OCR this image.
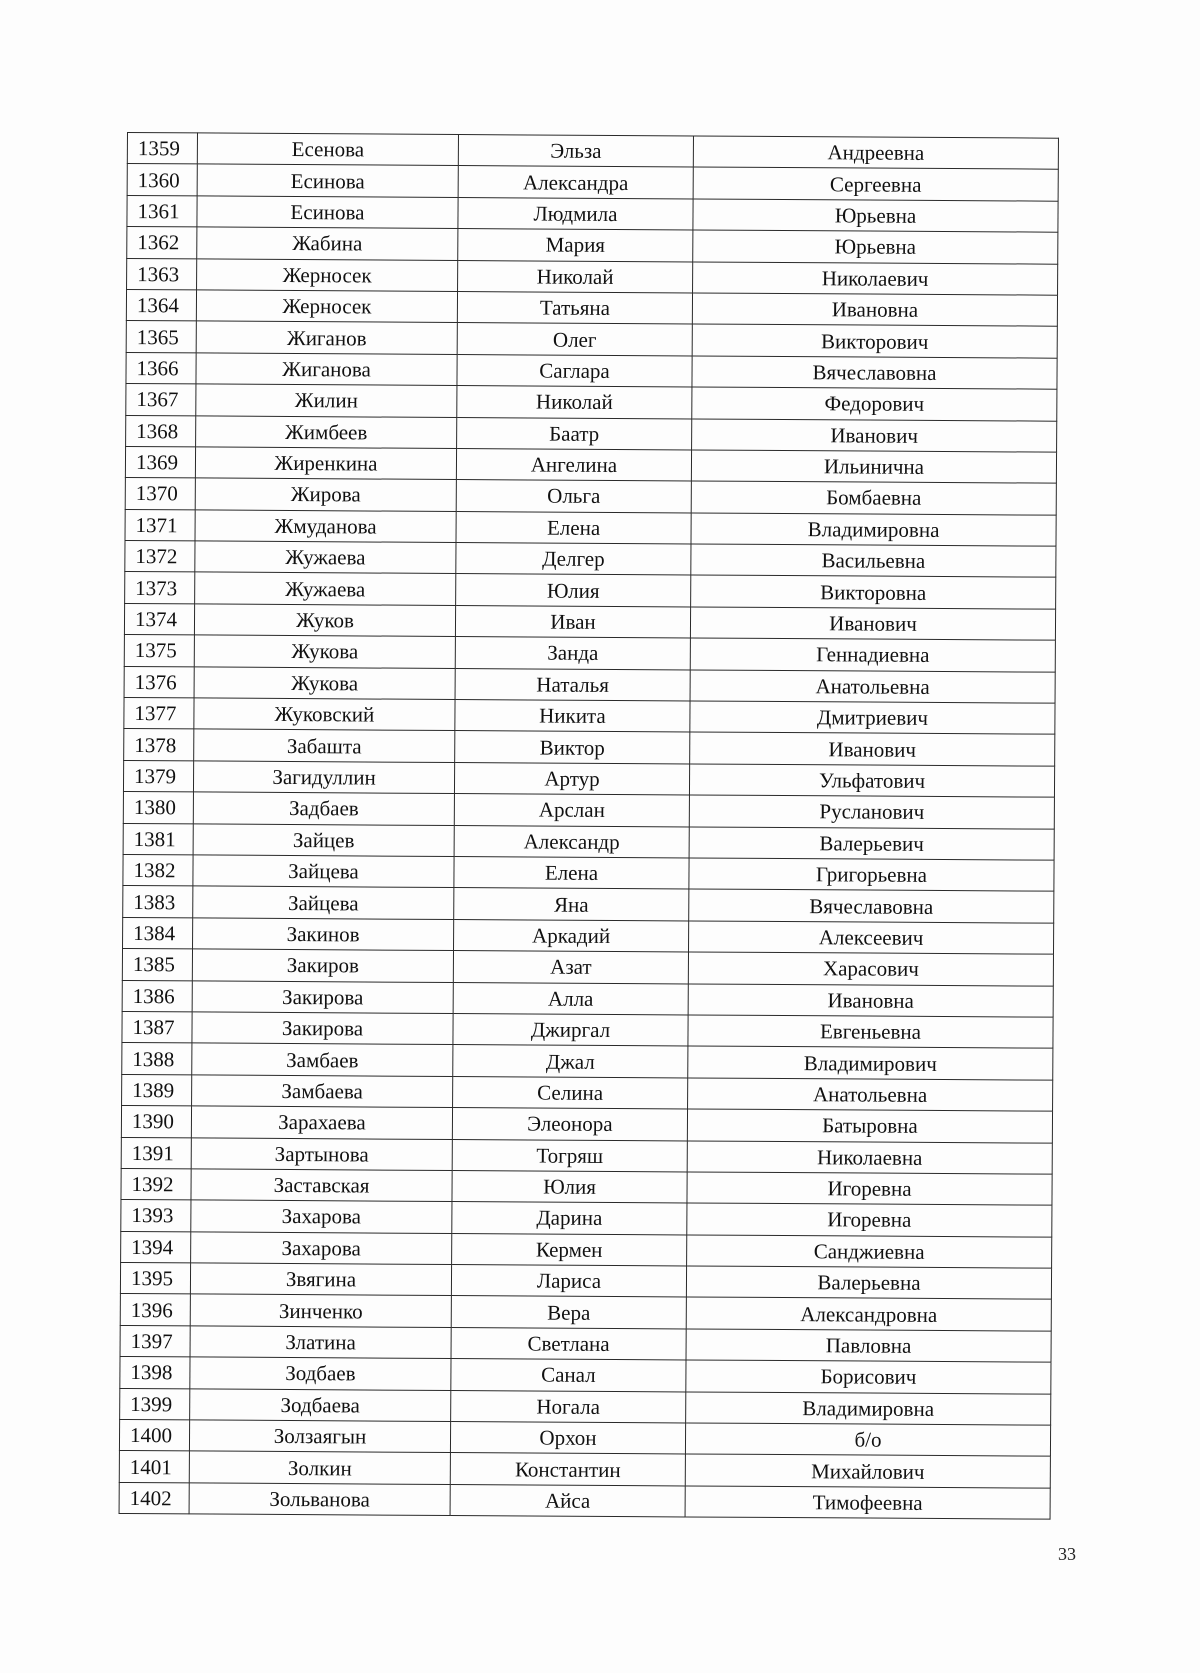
1359	Есенова	Эльза	Андреевна
1360	Есинова	Александра	Сергеевна
1361	Есинова	Людмила	Юрьевна
1362	Жабина	Мария	Юрьевна
1363	Жерносек	Николай	Николаевич
1364	Жерносек	Татьяна	Ивановна
1365	Жиганов	Олег	Викторович
1366	Жиганова	Саглара	Вячеславовна
1367	Жилин	Николай	Федорович
1368	Жимбеев	Баатр	Иванович
1369	Жиренкина	Ангелина	Ильинична
1370	Жирова	Ольга	Бомбаевна
1371	Жмуданова	Елена	Владимировна
1372	Жужаева	Делгер	Васильевна
1373	Жужаева	Юлия	Викторовна
1374	Жуков	Иван	Иванович
1375	Жукова	Занда	Геннадиевна
1376	Жукова	Наталья	Анатольевна
1377	Жуковский	Никита	Дмитриевич
1378	Забашта	Виктор	Иванович
1379	Загидуллин	Артур	Ульфатович
1380	Задбаев	Арслан	Русланович
1381	Зайцев	Александр	Валерьевич
1382	Зайцева	Елена	Григорьевна
1383	Зайцева	Яна	Вячеславовна
1384	Закинов	Аркадий	Алексеевич
1385	Закиров	Азат	Харасович
1386	Закирова	Алла	Ивановна
1387	Закирова	Джиргал	Евгеньевна
1388	Замбаев	Джал	Владимирович
1389	Замбаева	Селина	Анатольевна
1390	Зарахаева	Элеонора	Батыровна
1391	Зартынова	Тогряш	Николаевна
1392	Заставская	Юлия	Игоревна
1393	Захарова	Дарина	Игоревна
1394	Захарова	Кермен	Санджиевна
1395	Звягина	Лариса	Валерьевна
1396	Зинченко	Вера	Александровна
1397	Златина	Светлана	Павловна
1398	Зодбаев	Санал	Борисович
1399	Зодбаева	Ногала	Владимировна
1400	Золзаягын	Орхон	б/о
1401	Золкин	Константин	Михайлович
1402	Зольванова	Айса	Тимофеевна
33
